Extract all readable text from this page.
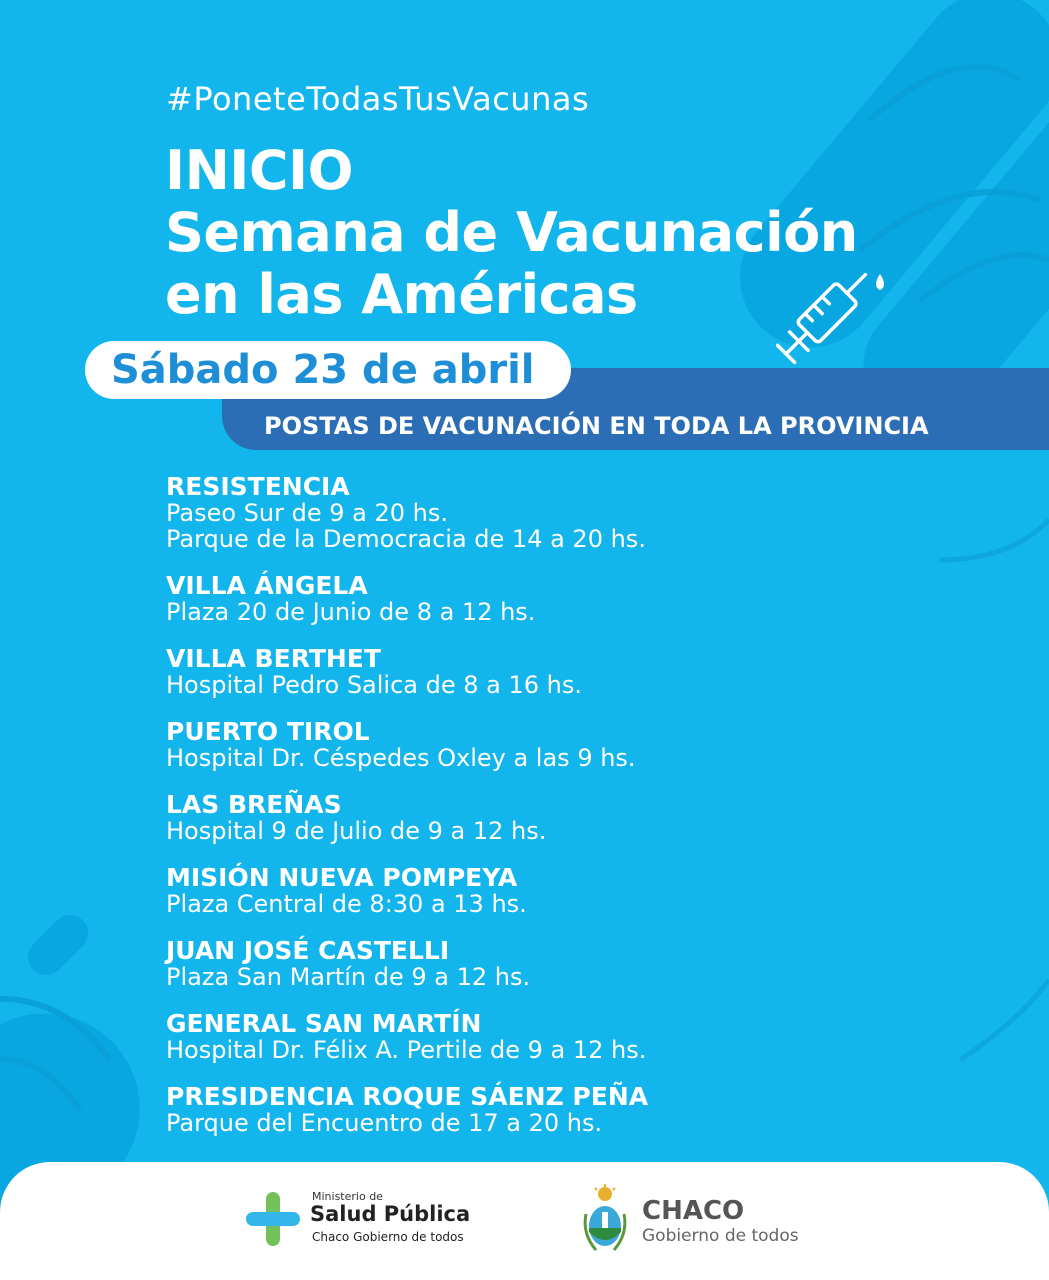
#PoneteTodasTusVacunas
INICIO
Semana de Vacunación
en las Américas
Sábado 23 de abril
POSTAS DE VACUNACIÓN EN TODA LA PROVINCIA
RESISTENCIA
Paseo Sur de 9 a 20 hs.
Parque de la Democracia de 14 a 20 hs.
VILLA ÁNGELA
Plaza 20 de Junio de 8 a 12 hs.
VILLA BERTHET
Hospital Pedro Salica de 8 a 16 hs.
PUERTO TIROL
Hospital Dr. Céspedes Oxley a las 9 hs.
LAS BREÑAS
Hospital 9 de Julio de 9 a 12 hs.
MISIÓN NUEVA POMPEYA
Plaza Central de 8:30 a 13 hs.
JUAN JOSÉ CASTELLI
Plaza San Martín de 9 a 12 hs.
GENERAL SAN MARTÍN
Hospital Dr. Félix A. Pertile de 9 a 12 hs.
PRESIDENCIA ROQUE SÁENZ PEÑA
Parque del Encuentro de 17 a 20 hs.
Ministerio de
Salud Pública
Chaco Gobierno de todos
CHACO
Gobierno de todos
